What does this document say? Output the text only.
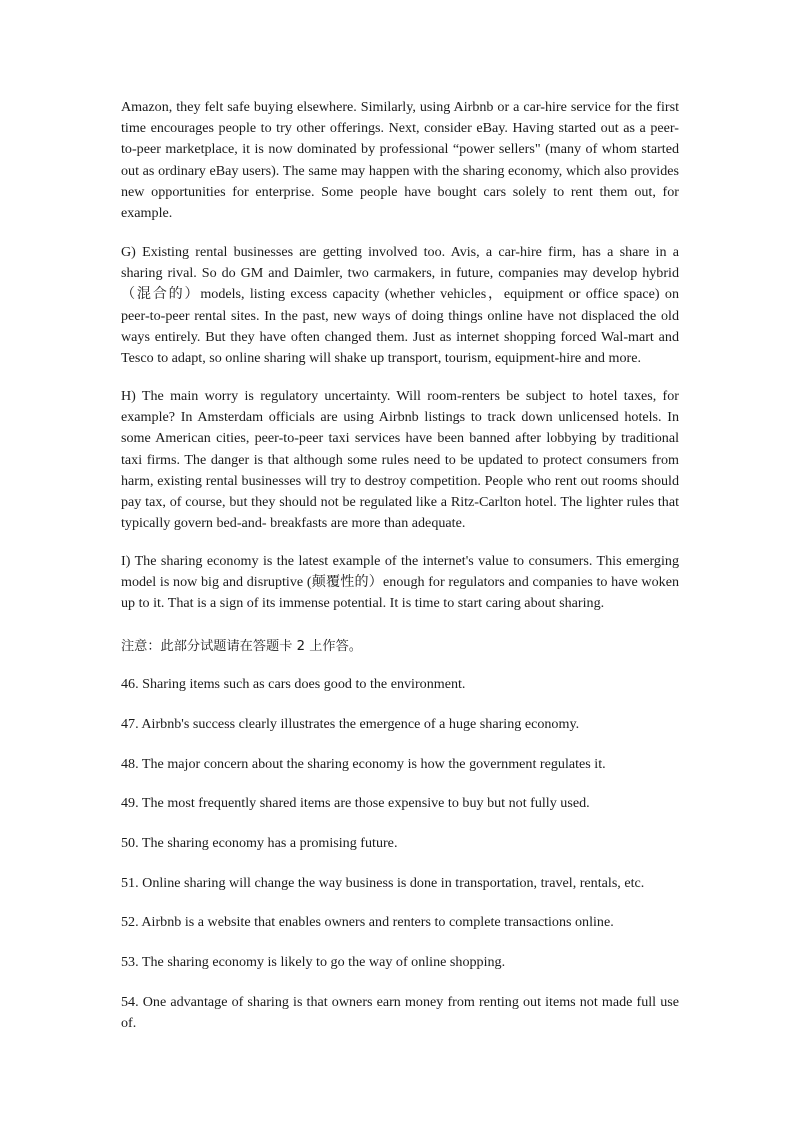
Amazon, they felt safe buying elsewhere. Similarly, using Airbnb or a car-hire service for the first time encourages people to try other offerings. Next, consider eBay. Having started out as a peer-to-peer marketplace, it is now dominated by professional “power sellers" (many of whom started out as ordinary eBay users). The same may happen with the sharing economy, which also provides new opportunities for enterprise. Some people have bought cars solely to rent them out, for example.

G) Existing rental businesses are getting involved too. Avis, a car-hire firm, has a share in a sharing rival. So do GM and Daimler, two carmakers, in future, companies may develop hybrid（混合的）models, listing excess capacity (whether vehicles，equipment or office space) on peer-to-peer rental sites. In the past, new ways of doing things online have not displaced the old ways entirely. But they have often changed them. Just as internet shopping forced Wal-mart and Tesco to adapt, so online sharing will shake up transport, tourism, equipment-hire and more.

H) The main worry is regulatory uncertainty. Will room-renters be subject to hotel taxes, for example? In Amsterdam officials are using Airbnb listings to track down unlicensed hotels. In some American cities, peer-to-peer taxi services have been banned after lobbying by traditional taxi firms. The danger is that although some rules need to be updated to protect consumers from harm, existing rental businesses will try to destroy competition. People who rent out rooms should pay tax, of course, but they should not be regulated like a Ritz-Carlton hotel. The lighter rules that typically govern bed-and- breakfasts are more than adequate.

I) The sharing economy is the latest example of the internet's value to consumers. This emerging model is now big and disruptive (颠覆性的）enough for regulators and companies to have woken up to it. That is a sign of its immense potential. It is time to start caring about sharing.

注意：此部分试题请在答题卡 2 上作答。

46. Sharing items such as cars does good to the environment.

47. Airbnb's success clearly illustrates the emergence of a huge sharing economy.

48. The major concern about the sharing economy is how the government regulates it.

49. The most frequently shared items are those expensive to buy but not fully used.

50. The sharing economy has a promising future.

51. Online sharing will change the way business is done in transportation, travel, rentals, etc.

52. Airbnb is a website that enables owners and renters to complete transactions online.

53. The sharing economy is likely to go the way of online shopping.

54. One advantage of sharing is that owners earn money from renting out items not made full use of.
